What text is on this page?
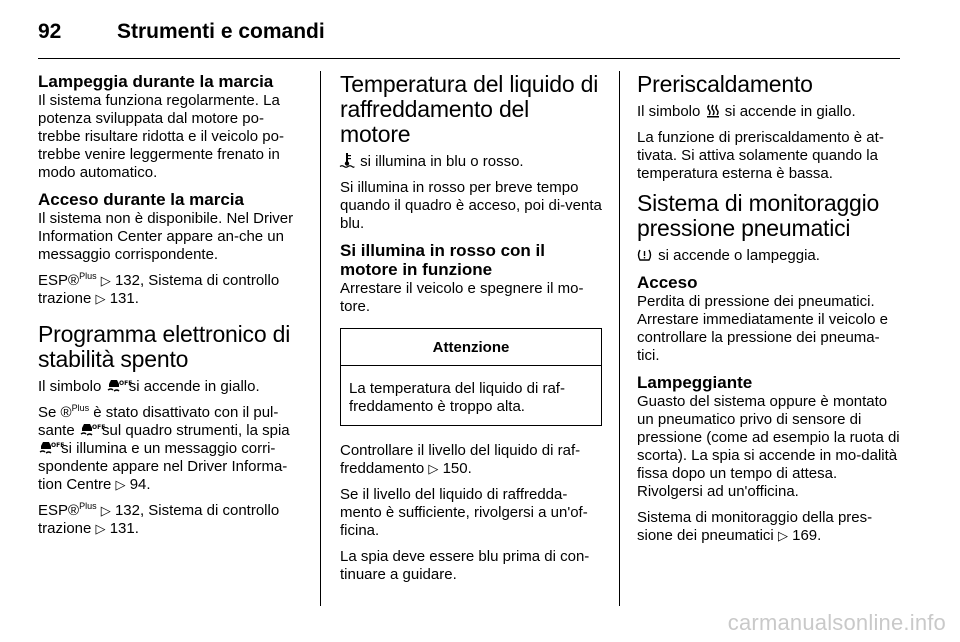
92	Strumenti e comandi
Lampeggia durante la marcia

Il sistema funziona regolarmente. La potenza sviluppata dal motore po-trebbe risultare ridotta e il veicolo po-trebbe venire leggermente frenato in modo automatico.

Acceso durante la marcia

Il sistema non è disponibile. Nel Driver Information Center appare an-che un messaggio corrispondente.

ESP®$^{Plus}$ ▷ 132, Sistema di controllo trazione ▷ 131.

Programma elettronico di stabilità spento

Il simbolo	OFF
si accende in giallo.

Se ®$^{Plus}$ è stato disattivato con il pul-sante	OFF
sul quadro strumenti, la spia
OFF
si illumina e un messaggio corri-spondente appare nel Driver Informa-tion Centre ▷ 94.

ESP®$^{Plus}$ ▷ 132, Sistema di controllo trazione ▷ 131.

Temperatura del liquido di raffreddamento del motore

si illumina in blu o rosso.

Si illumina in rosso per breve tempo quando il quadro è acceso, poi di-venta blu.

Si illumina in rosso con il motore in funzione

Arrestare il veicolo e spegnere il mo-tore.

Attenzione
La temperatura del liquido di raf-freddamento è troppo alta.

Controllare il livello del liquido di raf-freddamento ▷ 150.

Se il livello del liquido di raffredda-mento è sufficiente, rivolgersi a un'of-ficina.

La spia deve essere blu prima di con-tinuare a guidare.

Preriscaldamento

Il simbolo si accende in giallo.

La funzione di preriscaldamento è at-tivata. Si attiva solamente quando la temperatura esterna è bassa.

Sistema di monitoraggio pressione pneumatici

si accende o lampeggia.

Acceso

Perdita di pressione dei pneumatici. Arrestare immediatamente il veicolo e controllare la pressione dei pneuma-tici.

Lampeggiante

Guasto del sistema oppure è montato un pneumatico privo di sensore di pressione (come ad esempio la ruota di scorta). La spia si accende in mo-dalità fissa dopo un tempo di attesa. Rivolgersi ad un'officina.

Sistema di monitoraggio della pres-sione dei pneumatici ▷ 169.

carmanualsonline.info
